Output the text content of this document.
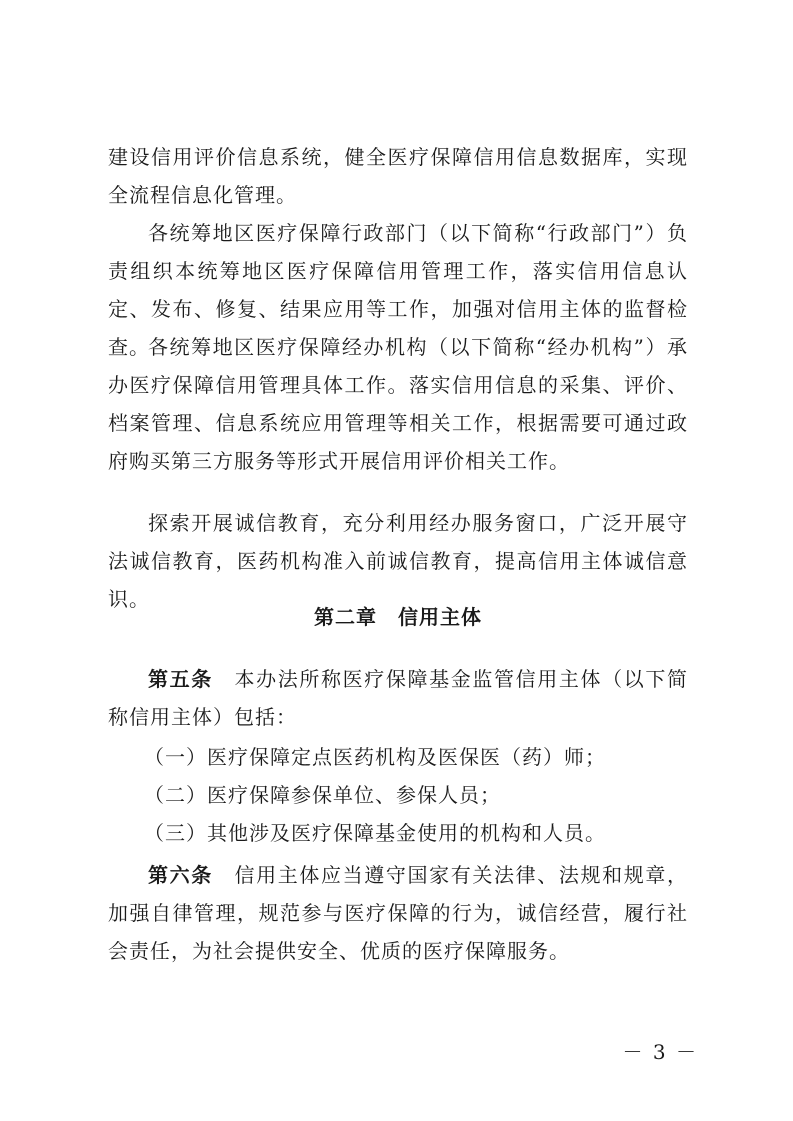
建设信用评价信息系统，健全医疗保障信用信息数据库，实现全流程信息化管理。

各统筹地区医疗保障行政部门（以下简称“行政部门”）负责组织本统筹地区医疗保障信用管理工作，落实信用信息认定、发布、修复、结果应用等工作，加强对信用主体的监督检查。

各统筹地区医疗保障经办机构（以下简称“经办机构”）承办医疗保障信用管理具体工作。落实信用信息的采集、评价、档案管理、信息系统应用管理等相关工作，根据需要可通过政府购买第三方服务等形式开展信用评价相关工作。

探索开展诚信教育，充分利用经办服务窗口，广泛开展守法诚信教育，医药机构准入前诚信教育，提高信用主体诚信意识。

第二章　信用主体

第五条　 本办法所称医疗保障基金监管信用主体（以下简称信用主体）包括：

（一）医疗保障定点医药机构及医保医（药）师；

（二）医疗保障参保单位、参保人员；

（三）其他涉及医疗保障基金使用的机构和人员。

第六条　 信用主体应当遵守国家有关法律、法规和规章，加强自律管理，规范参与医疗保障的行为，诚信经营，履行社会责任，为社会提供安全、优质的医疗保障服务。

－ 3 －
